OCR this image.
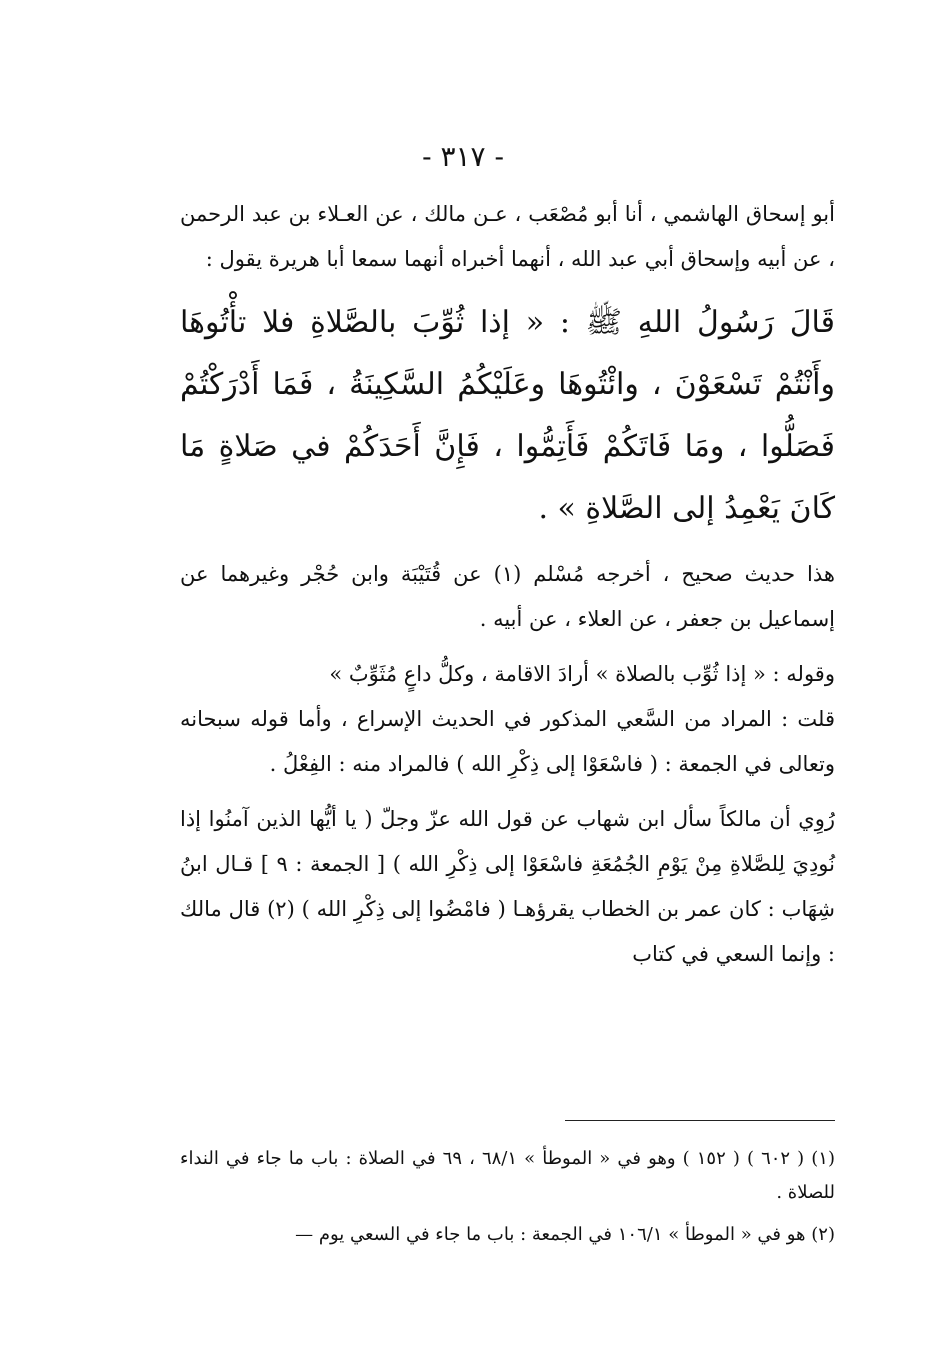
- ٣١٧ -

أبو إسحاق الهاشمي ، أنا أبو مُصْعَب ، عـن مالك ، عن العـلاء بن عبد الرحمن ، عن أبيه وإسحاق أبي عبد الله ، أنهما أخبراه أنهما سمعا أبا هريرة يقول :

قَالَ رَسُولُ اللهِ ﷺ : « إذا ثُوِّبَ بالصَّلاةِ فلا تأْتُوهَا وأَنْتُمْ تَسْعَوْنَ ، وائْتُوهَا وعَلَيْكُمُ السَّكِينَةُ ، فَمَا أَدْرَكْتُمْ فَصَلُّوا ، ومَا فَاتَكُمْ فَأَتِمُّوا ، فَإِنَّ أَحَدَكُمْ في صَلاةٍ مَا كَانَ يَعْمِدُ إلى الصَّلاةِ » .

هذا حديث صحيح ، أخرجه مُسْلم (١) عن قُتَيْبَة وابن حُجْر وغيرهما عن إسماعيل بن جعفر ، عن العلاء ، عن أبيه .

وقوله : « إذا ثُوِّب بالصلاة » أرادَ الاقامة ، وكلُّ داعٍ مُثَوِّبٌ »

قلت : المراد من السَّعي المذكور في الحديث الإسراع ، وأما قوله سبحانه وتعالى في الجمعة : ( فاسْعَوْا إلى ذِكْرِ الله ) فالمراد منه : الفِعْلُ .

رُوِي أن مالكاً سأل ابن شهاب عن قول الله عزّ وجلّ ( يا أيُّها الذين آمنُوا إذا نُودِيَ لِلصَّلاةِ مِنْ يَوْمِ الجُمُعَةِ فاسْعَوْا إلى ذِكْرِ الله ) [ الجمعة : ٩ ] قـال ابنُ شِهَاب : كان عمر بن الخطاب يقرؤهـا ( فامْضُوا إلى ذِكْرِ الله ) (٢) قال مالك : وإنما السعي في كتاب

(١) ( ٦٠٢ ) ( ١٥٢ ) وهو في « الموطأ » ٦٨/١ ، ٦٩ في الصلاة : باب ما جاء في النداء للصلاة .

(٢) هو في « الموطأ » ١٠٦/١ في الجمعة : باب ما جاء في السعي يوم —
